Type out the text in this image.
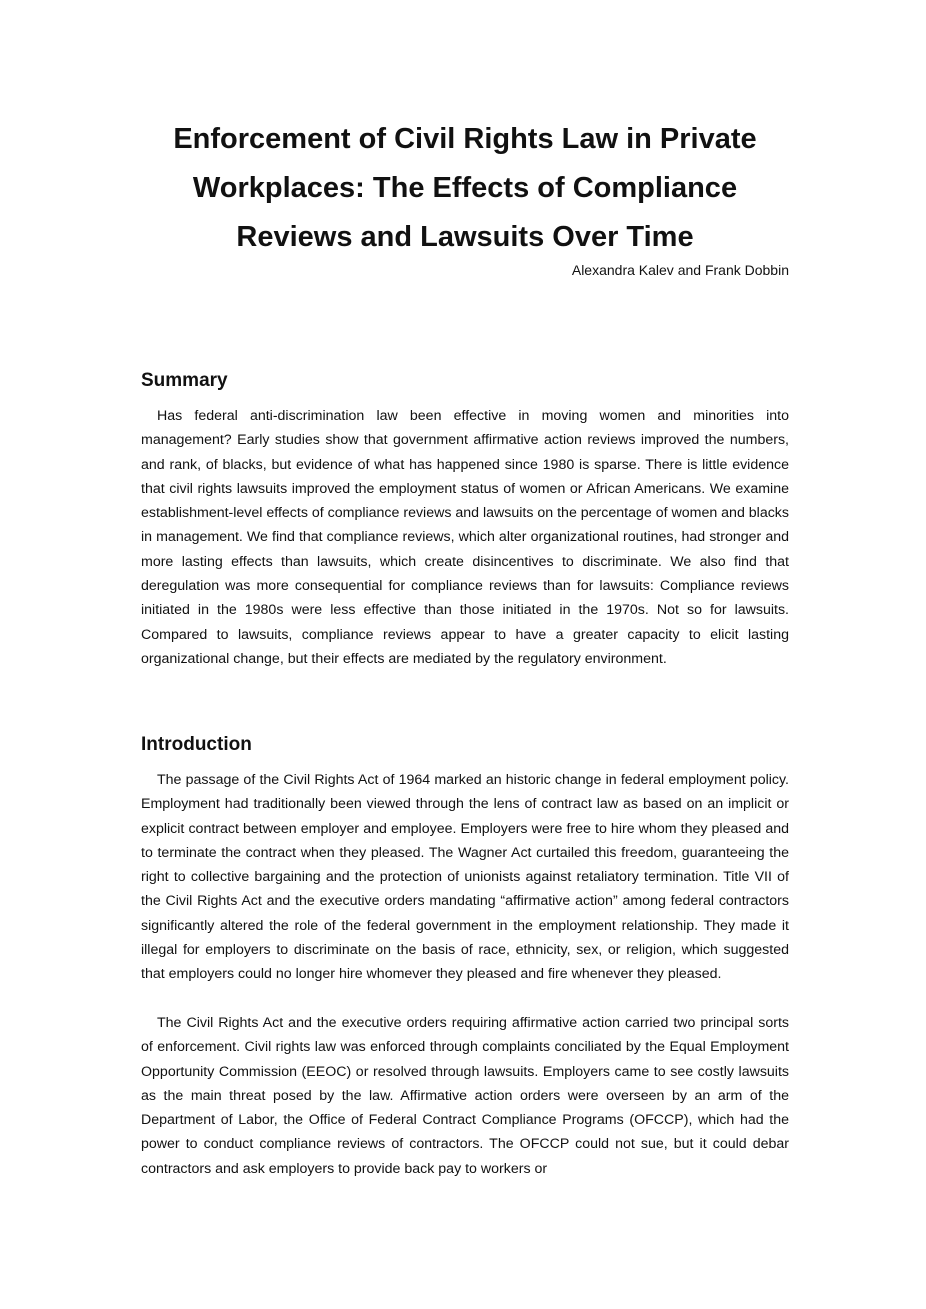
Enforcement of Civil Rights Law in Private Workplaces: The Effects of Compliance Reviews and Lawsuits Over Time

Alexandra Kalev and Frank Dobbin

Summary

Has federal anti-discrimination law been effective in moving women and minorities into management? Early studies show that government affirmative action reviews improved the numbers, and rank, of blacks, but evidence of what has happened since 1980 is sparse. There is little evidence that civil rights lawsuits improved the employment status of women or African Americans. We examine establishment-level effects of compliance reviews and lawsuits on the percentage of women and blacks in management. We find that compliance reviews, which alter organizational routines, had stronger and more lasting effects than lawsuits, which create disincentives to discriminate. We also find that deregulation was more consequential for compliance reviews than for lawsuits: Compliance reviews initiated in the 1980s were less effective than those initiated in the 1970s. Not so for lawsuits. Compared to lawsuits, compliance reviews appear to have a greater capacity to elicit lasting organizational change, but their effects are mediated by the regulatory environment.

Introduction

The passage of the Civil Rights Act of 1964 marked an historic change in federal employment policy. Employment had traditionally been viewed through the lens of contract law as based on an implicit or explicit contract between employer and employee. Employers were free to hire whom they pleased and to terminate the contract when they pleased. The Wagner Act curtailed this freedom, guaranteeing the right to collective bargaining and the protection of unionists against retaliatory termination. Title VII of the Civil Rights Act and the executive orders mandating “affirmative action” among federal contractors significantly altered the role of the federal government in the employment relationship. They made it illegal for employers to discriminate on the basis of race, ethnicity, sex, or religion, which suggested that employers could no longer hire whomever they pleased and fire whenever they pleased.

The Civil Rights Act and the executive orders requiring affirmative action carried two principal sorts of enforcement. Civil rights law was enforced through complaints conciliated by the Equal Employment Opportunity Commission (EEOC) or resolved through lawsuits. Employers came to see costly lawsuits as the main threat posed by the law. Affirmative action orders were overseen by an arm of the Department of Labor, the Office of Federal Contract Compliance Programs (OFCCP), which had the power to conduct compliance reviews of contractors. The OFCCP could not sue, but it could debar contractors and ask employers to provide back pay to workers or
